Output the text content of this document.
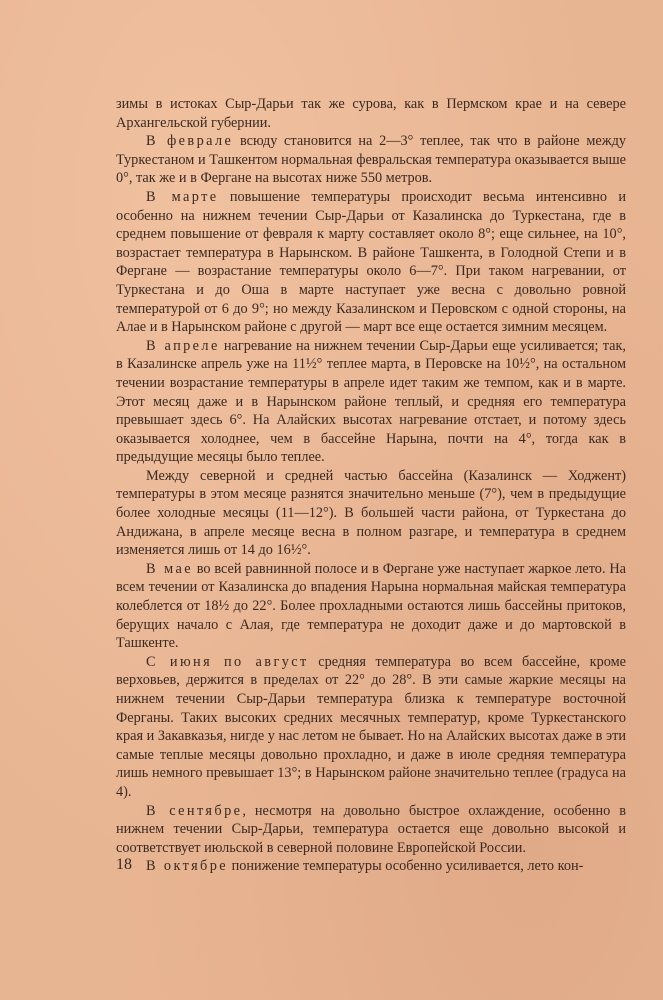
зимы в истоках Сыр-Дарьи так же сурова, как в Пермском крае и на севере Архангельской губернии.

В феврале всюду становится на 2—3° теплее, так что в районе между Туркестаном и Ташкентом нормальная февральская температура оказывается выше 0°, так же и в Фергане на высотах ниже 550 метров.

В марте повышение температуры происходит весьма интенсивно и особенно на нижнем течении Сыр-Дарьи от Казалинска до Туркестана, где в среднем повышение от февраля к марту составляет около 8°; еще сильнее, на 10°, возрастает температура в Нарынском. В районе Ташкента, в Голодной Степи и в Фергане — возрастание температуры около 6—7°. При таком нагревании, от Туркестана и до Оша в марте наступает уже весна с довольно ровной температурой от 6 до 9°; но между Казалинском и Перовском с одной стороны, на Алае и в Нарынском районе с другой — март все еще остается зимним месяцем.

В апреле нагревание на нижнем течении Сыр-Дарьи еще усиливается; так, в Казалинске апрель уже на 11½° теплее марта, в Перовске на 10½°, на остальном течении возрастание температуры в апреле идет таким же темпом, как и в марте. Этот месяц даже и в Нарынском районе теплый, и средняя его температура превышает здесь 6°. На Алайских высотах нагревание отстает, и потому здесь оказывается холоднее, чем в бассейне Нарына, почти на 4°, тогда как в предыдущие месяцы было теплее.

Между северной и средней частью бассейна (Казалинск — Ходжент) температуры в этом месяце разнятся значительно меньше (7°), чем в предыдущие более холодные месяцы (11—12°). В большей части района, от Туркестана до Андижана, в апреле месяце весна в полном разгаре, и температура в среднем изменяется лишь от 14 до 16½°.

В мае во всей равнинной полосе и в Фергане уже наступает жаркое лето. На всем течении от Казалинска до впадения Нарына нормальная майская температура колеблется от 18½ до 22°. Более прохладными остаются лишь бассейны притоков, берущих начало с Алая, где температура не доходит даже и до мартовской в Ташкенте.

С июня по август средняя температура во всем бассейне, кроме верховьев, держится в пределах от 22° до 28°. В эти самые жаркие месяцы на нижнем течении Сыр-Дарьи температура близка к температуре восточной Ферганы. Таких высоких средних месячных температур, кроме Туркестанского края и Закавказья, нигде у нас летом не бывает. Но на Алайских высотах даже в эти самые теплые месяцы довольно прохладно, и даже в июле средняя температура лишь немного превышает 13°; в Нарынском районе значительно теплее (градуса на 4).

В сентябре, несмотря на довольно быстрое охлаждение, особенно в нижнем течении Сыр-Дарьи, температура остается еще довольно высокой и соответствует июльской в северной половине Европейской России.

В октябре понижение температуры особенно усиливается, лето кон-

18
